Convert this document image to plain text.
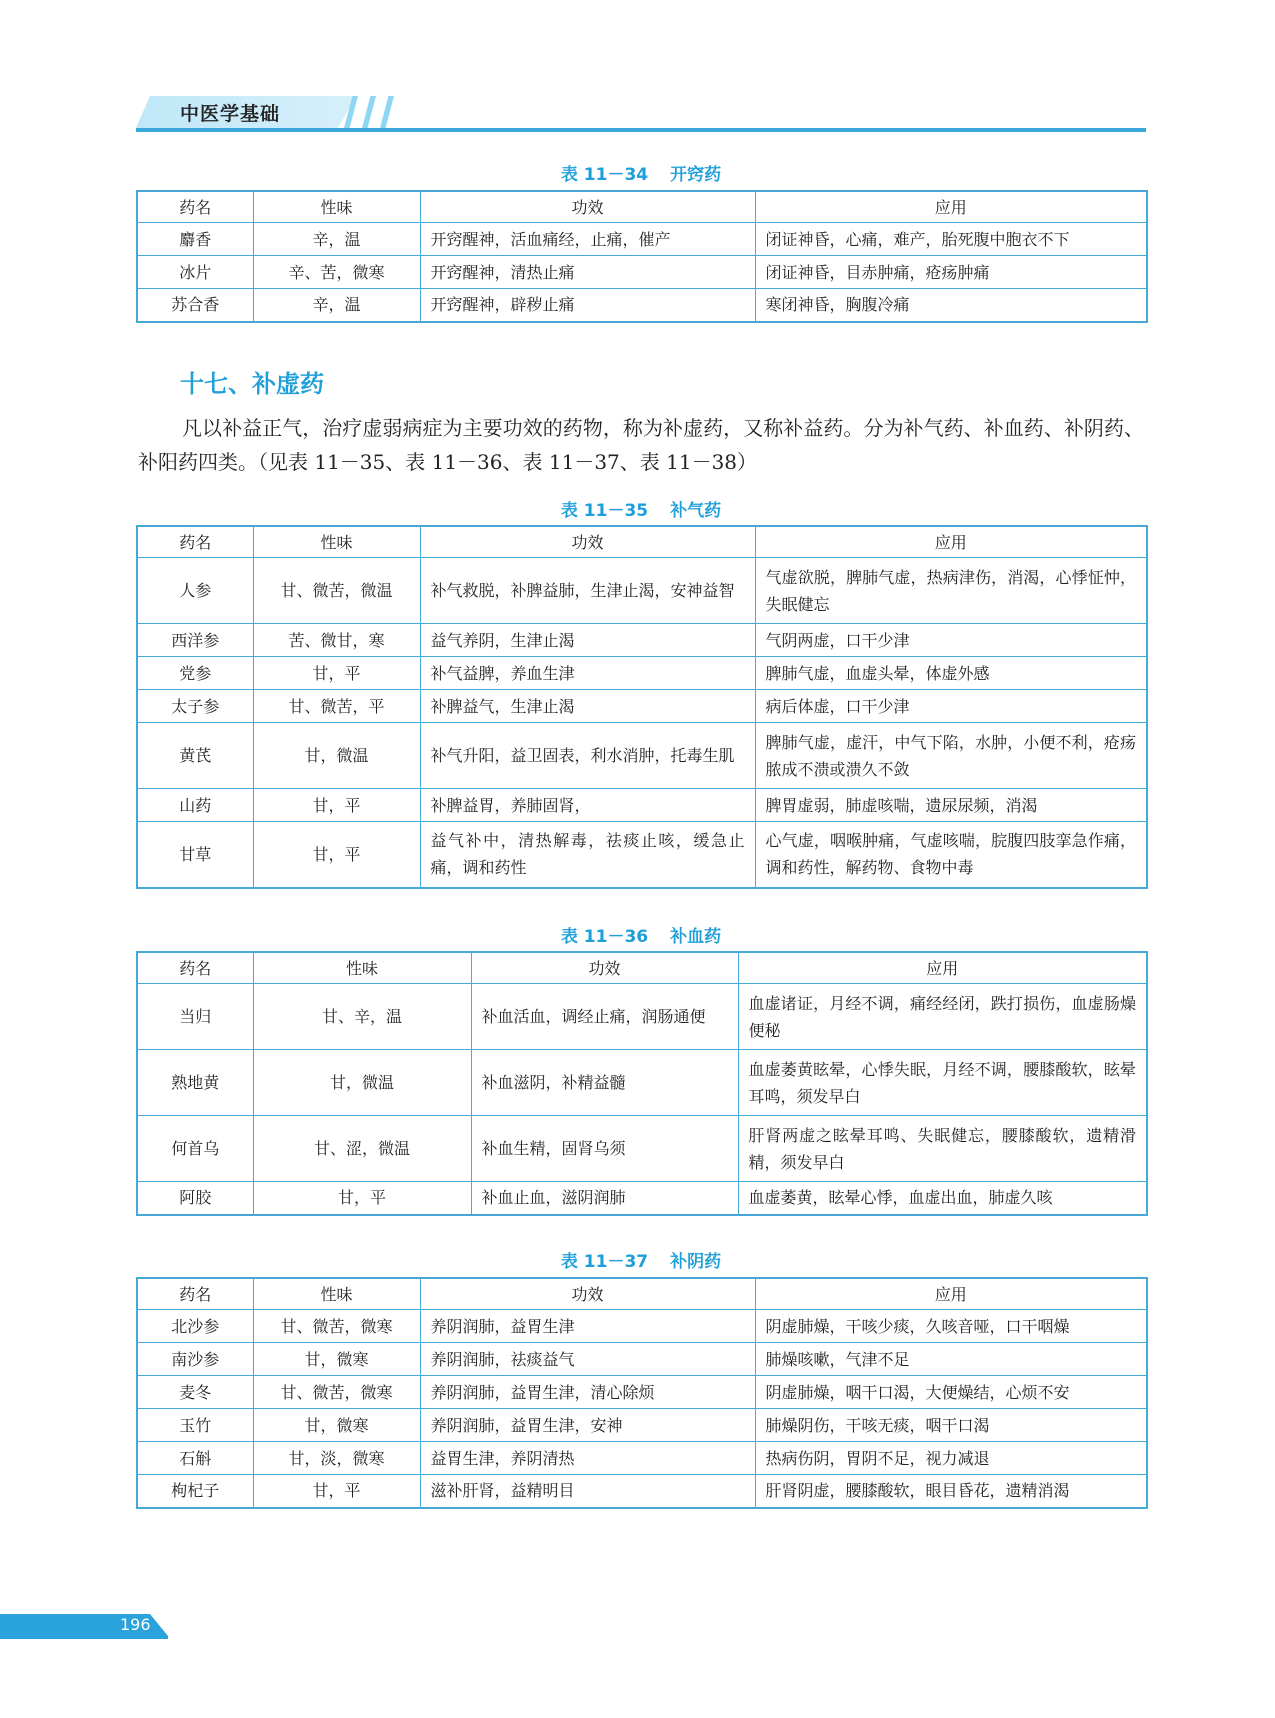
中医学基础
表 11－34 开窍药
药名	性味	功效	应用
麝香	辛，温	开窍醒神，活血痛经，止痛，催产	闭证神昏，心痛，难产，胎死腹中胞衣不下
冰片	辛、苦，微寒	开窍醒神，清热止痛	闭证神昏，目赤肿痛，疮疡肿痛
苏合香	辛，温	开窍醒神，辟秽止痛	寒闭神昏，胸腹冷痛
十七、补虚药
凡以补益正气，治疗虚弱病症为主要功效的药物，称为补虚药，又称补益药。分为补气药、补血药、补阴药、补阳药四类。（见表 11－35、表 11－36、表 11－37、表 11－38）
表 11－35 补气药
药名	性味	功效	应用
人参	甘、微苦，微温	补气救脱，补脾益肺，生津止渴，安神益智	气虚欲脱，脾肺气虚，热病津伤，消渴，心悸怔忡，失眠健忘
西洋参	苦、微甘，寒	益气养阴，生津止渴	气阴两虚，口干少津
党参	甘，平	补气益脾，养血生津	脾肺气虚，血虚头晕，体虚外感
太子参	甘、微苦，平	补脾益气，生津止渴	病后体虚，口干少津
黄芪	甘，微温	补气升阳，益卫固表，利水消肿，托毒生肌	脾肺气虚，虚汗，中气下陷，水肿，小便不利，疮疡脓成不溃或溃久不敛
山药	甘，平	补脾益胃，养肺固肾，	脾胃虚弱，肺虚咳喘，遗尿尿频，消渴
甘草	甘，平	益气补中，清热解毒，祛痰止咳，缓急止痛，调和药性	心气虚，咽喉肿痛，气虚咳喘，脘腹四肢挛急作痛，调和药性，解药物、食物中毒
表 11－36 补血药
药名	性味	功效	应用
当归	甘、辛，温	补血活血，调经止痛，润肠通便	血虚诸证，月经不调，痛经经闭，跌打损伤，血虚肠燥便秘
熟地黄	甘，微温	补血滋阴，补精益髓	血虚萎黄眩晕，心悸失眠，月经不调，腰膝酸软，眩晕耳鸣，须发早白
何首乌	甘、涩，微温	补血生精，固肾乌须	肝肾两虚之眩晕耳鸣、失眠健忘，腰膝酸软，遗精滑精，须发早白
阿胶	甘，平	补血止血，滋阴润肺	血虚萎黄，眩晕心悸，血虚出血，肺虚久咳
表 11－37 补阴药
药名	性味	功效	应用
北沙参	甘、微苦，微寒	养阴润肺，益胃生津	阴虚肺燥，干咳少痰，久咳音哑，口干咽燥
南沙参	甘，微寒	养阴润肺，祛痰益气	肺燥咳嗽，气津不足
麦冬	甘、微苦，微寒	养阴润肺，益胃生津，清心除烦	阴虚肺燥，咽干口渴，大便燥结，心烦不安
玉竹	甘，微寒	养阴润肺，益胃生津，安神	肺燥阴伤，干咳无痰，咽干口渴
石斛	甘，淡，微寒	益胃生津，养阴清热	热病伤阴，胃阴不足，视力减退
枸杞子	甘，平	滋补肝肾，益精明目	肝肾阴虚，腰膝酸软，眼目昏花，遗精消渴
196
